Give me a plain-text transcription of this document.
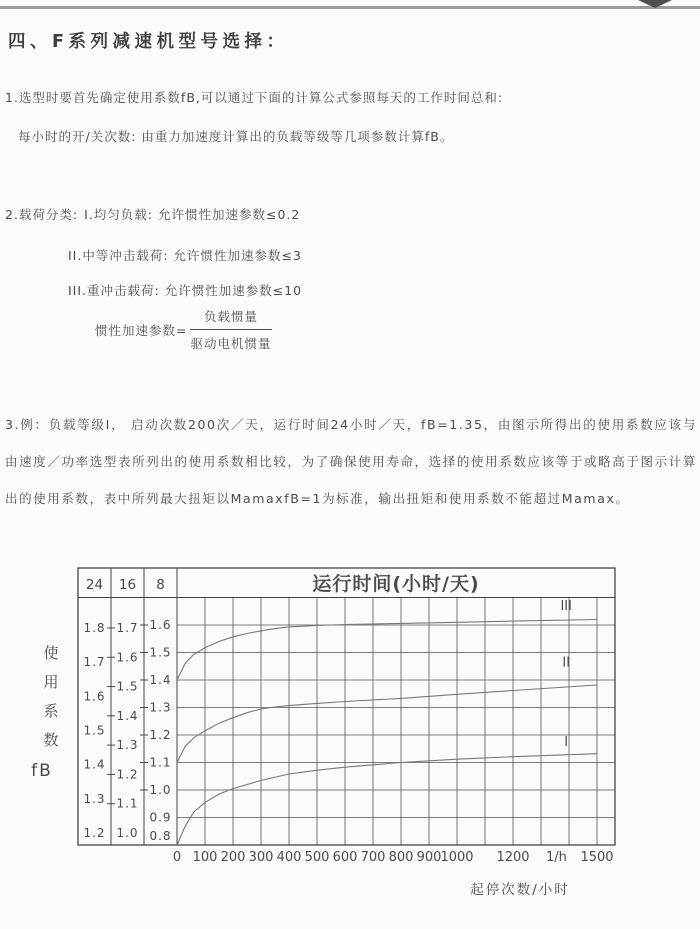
四、F系列减速机型号选择：

1.选型时要首先确定使用系数fB,可以通过下面的计算公式参照每天的工作时间总和:

每小时的开/关次数: 由重力加速度计算出的负载等级等几项参数计算fB。

2.载荷分类: I.均匀负载: 允许惯性加速参数≤0.2

II.中等冲击载荷: 允许惯性加速参数≤3

III.重冲击载荷: 允许惯性加速参数≤10

惯性加速参数= $\frac{\text{负载惯量}}{\text{驱动电机惯量}}$

3.例：负载等级I， 启动次数200次／天，运行时间24小时／天，fB=1.35，由图示所得出的使用系数应该与由速度／功率选型表所列出的使用系数相比较，为了确保使用寿命，选择的使用系数应该等于或略高于图示计算出的使用系数，表中所列最大扭矩以MamaxfB=1为标准，输出扭矩和使用系数不能超过Mamax。

I
II
III
1.8
1.7
1.6
1.5
1.4
1.3
1.2
1.7
1.6
1.5
1.4
1.3
1.2
1.1
1.0
1.6
1.5
1.4
1.3
1.2
1.1
1.0
0.9
0.8
24 16 8	运行时间(小时/天)
0 100 200 300 400 500 600 700 800 900 1000 1200 1/h 1500
起停次数/小时
使
用
系
数
fB
